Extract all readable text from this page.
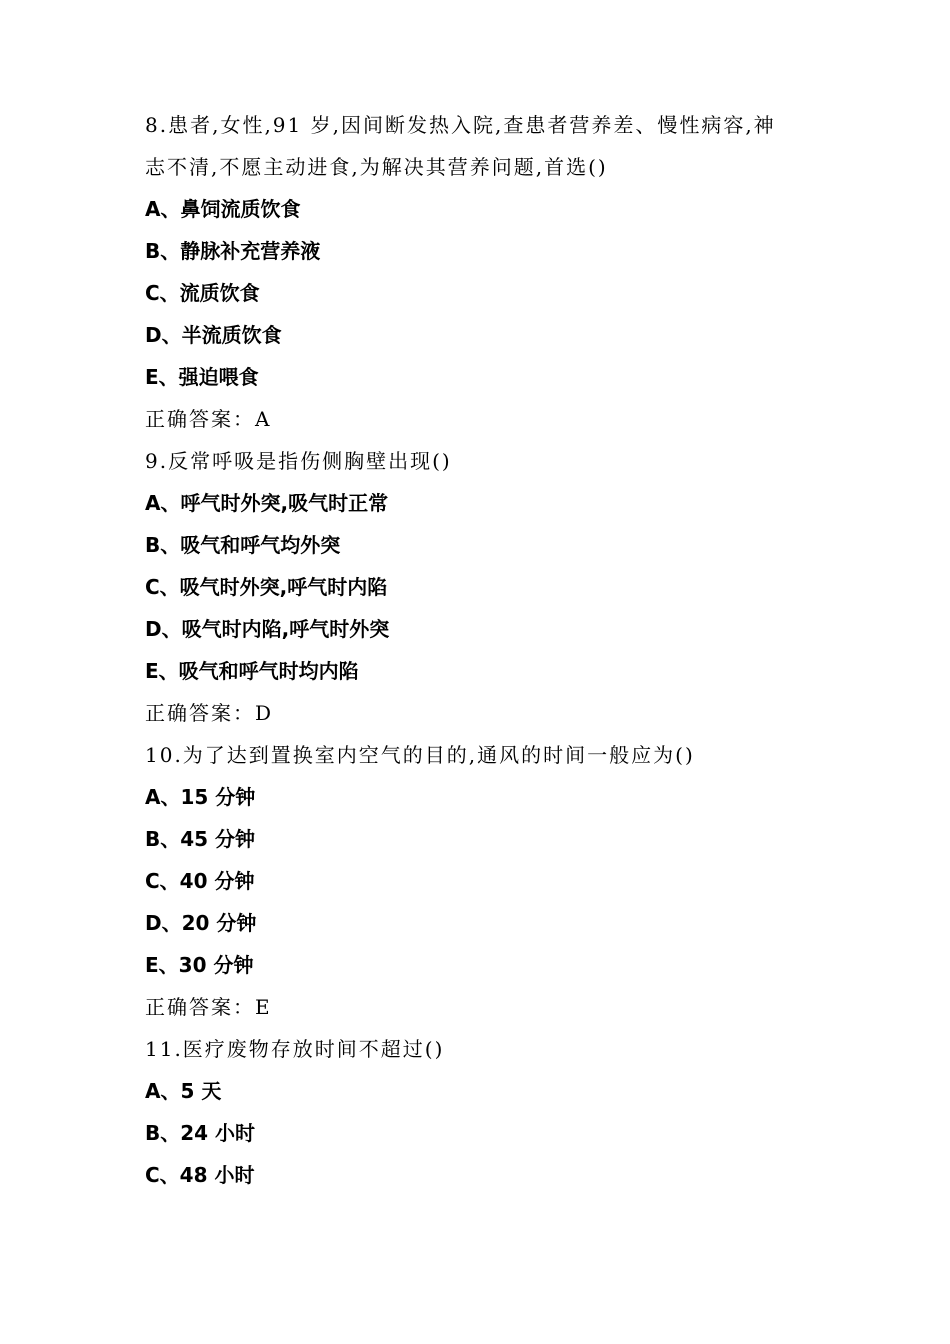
8.患者,女性,91 岁,因间断发热入院,查患者营养差、慢性病容,神
志不清,不愿主动进食,为解决其营养问题,首选()
A、鼻饲流质饮食
B、静脉补充营养液
C、流质饮食
D、半流质饮食
E、强迫喂食
正确答案：A
9.反常呼吸是指伤侧胸壁出现()
A、呼气时外突,吸气时正常
B、吸气和呼气均外突
C、吸气时外突,呼气时内陷
D、吸气时内陷,呼气时外突
E、吸气和呼气时均内陷
正确答案：D
10.为了达到置换室内空气的目的,通风的时间一般应为()
A、15 分钟
B、45 分钟
C、40 分钟
D、20 分钟
E、30 分钟
正确答案：E
11.医疗废物存放时间不超过()
A、5 天
B、24 小时
C、48 小时
